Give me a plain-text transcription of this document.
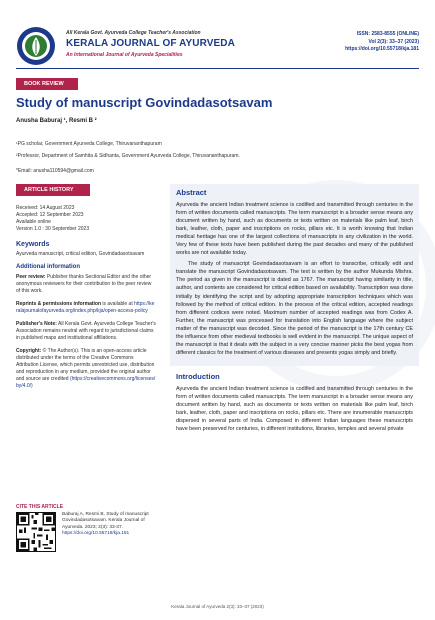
All Kerala Govt. Ayurveda College Teacher's Association
KERALA JOURNAL OF AYURVEDA
An International Journal of Ayurveda Specialities
ISSN: 2583-8555 (ONLINE)
Vol 2(3): 33–37 (2023)
https://doi.org/10.55718/kja.181
BOOK REVIEW
Study of manuscript Govindadasotsavam
Anusha Baburaj ¹, Resmi B ²
¹PG scholar, Government Ayurveda College, Thiruvananthapuram
²Professor, Department of Samhita & Sidhanta, Government Ayurveda College, Thiruvananthapuram.
*Email: anusha110594@gmail.com
ARTICLE HISTORY
Received: 14 August 2023
Accepted: 12 September 2023
Available online
Version 1.0 : 30 September 2023
Keywords
Ayurveda manuscript, critical edition, Govindadasotsavam
Additional information
Peer review: Publisher thanks Sectional Editor and the other anonymous reviewers for their contribution to the peer review of this work.
Reprints & permissions information is available at https://keralajournalofayurveda.org/index.php/kja/open-access-policy
Publisher's Note: All Kerala Govt. Ayurveda College Teacher's Association remains neutral with regard to jurisdictional claims in published maps and institutional affiliations.
Copyright: © The Author(s). This is an open-access article distributed under the terms of the Creative Commons Attribution License, which permits unrestricted use, distribution and reproduction in any medium, provided the original author and source are credited (https://creativecommons.org/licenses/by/4.0/)
CITE THIS ARTICLE
Baburaj A, Resmi B. Study of manuscript Govindadasotsavam. Kerala Journal of Ayurveda. 2023; 2(3): 33-37. https://doi.org/10.55718/kja.181
Abstract

Ayurveda the ancient Indian treatment science is codified and transmitted through centuries in the form of written documents called manuscripts. The term manuscript in a broader sense means any document written by hand, such as documents or texts written on materials like palm leaf, birch bark, leather, cloth, paper and inscriptions on rocks, pillars etc. It is worth knowing that Indian medical heritage has one of the largest collections of manuscripts in any civilization in the world. Very few of these texts have been published during the past decades and many of the published works are not available today.

The study of manuscript Govindadasotsavam is an effort to transcribe, critically edit and translate the manuscript Govindadasotsavam. The text is written by the author Mukunda Mishra. The period as given in the manuscript is dated as 1767. The manuscript having similarity in title, author, and contents are considered for critical edition based on availability. Transcription was done initially by identifying the script and by adopting appropriate transcription techniques which was followed by the method of critical edition. In the process of the critical edition, accepted readings from different codices were noted. Maximum number of accepted readings was from Codex A. Further, the manuscript was processed for translation into English language where the subject matter of the manuscript was decoded. Since the period of the manuscript is the 17th century CE the influence from other medieval textbooks is well evident in the manuscript. The unique aspect of the manuscript is that it deals with the subject in a very concise manner picks the best yogas from different classics for the treatment of various diseases and presents yogas simply and briefly.

Introduction

Ayurveda the ancient Indian treatment science is codified and transmitted through centuries in the form of written documents called manuscripts. The term manuscript in a broader sense means any document written by hand, such as documents or texts written on materials like palm leaf, birch bark, leather, cloth, paper and inscriptions on rocks, pillars etc. There are innumerable manuscripts dispersed in several parts of India. Composed in different Indian languages these manuscripts have been preserved for centuries, in different institutions, libraries, temples and several private

Kerala Journal of Ayurveda 2(3): 33–37 (2023)
